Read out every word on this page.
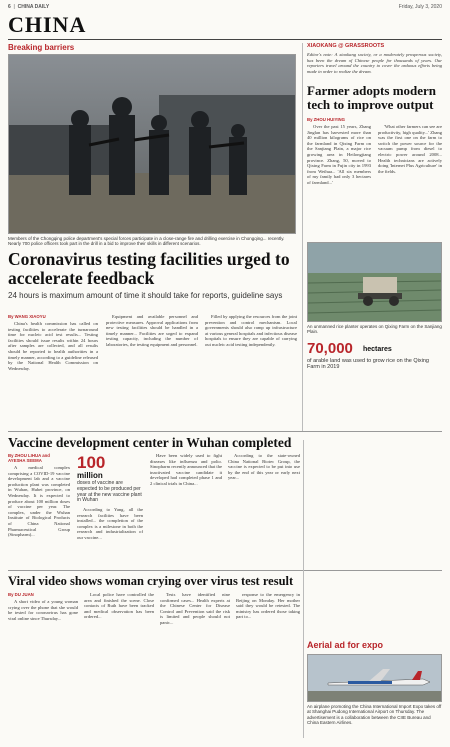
6  |  CHINA DAILY	Friday, July 3, 2020
CHINA
Breaking barriers
Members of the Chongqing police department's special forces participate in a close-range fire and drilling exercise in Chongqing... recently. Nearly 700 police officers took part in the drill in a bid to improve their skills in different scenarios.
Coronavirus testing facilities urged to accelerate feedback
24 hours is maximum amount of time it should take for reports, guideline says
By WANG XIAOYU

China's health commission has called on testing facilities to accelerate the turnaround time for nucleic acid test results... Testing facilities should issue results within 24 hours after samples are collected, and all results should be reported to health authorities in a timely manner, according to a guideline released by the National Health Commission on Wednesday.

Equipment and available personnel and protective measures. Approval applications from new testing facilities should be handled in a timely manner... Facilities are urged to expand testing capacity, including the number of laboratories, the testing equipment and personnel.

Filled by applying the resources from the joint prevention and control mechanism. Local governments should also ramp up infrastructure at various general hospitals and infectious disease hospitals to ensure they are capable of carrying out nucleic acid testing independently.

XIAOKANG @ GRASSROOTS
Editor's note: A xiaokang society, or a moderately prosperous society, has been the dream of Chinese people for thousands of years. Our reporters travel around the country to cover the arduous efforts being made in order to realize the dream.
Farmer adopts modern tech to improve output
By ZHOU HUIYING

Over the past 15 years, Zhang Jinglan has harvested more than 40 million kilograms of rice on the farmland in Qixing Farm on the Sanjiang Plain, a major rice growing area in Heilongjiang province. Zhang, 50, moved to Qixing Farm in Fujin city in 1993 from Weihua... 'All six members of my family had only 3 hectares of farmland...'

'What other farmers can see are productivity, high quality...' Zhang was the first one on the farm to switch the power source for the vacuum pump from diesel to electric power around 2008... Health technicians are actively doing 'Internet Plus Agriculture' in the fields.

An unmanned rice planter operates on Qixing Farm on the Sanjiang Plain.
70,000 hectares
of arable land was used to grow rice on the Qixing Farm in 2019
Vaccine development center in Wuhan completed
By ZHOU LIHUA and AYESHA SEEMA

A medical complex comprising a COVID-19 vaccine development lab and a vaccine production plant was completed in Wuhan, Hubei province, on Wednesday. It is expected to produce about 100 million doses of vaccine per year. The complex, under the Wuhan Institute of Biological Products of China National Pharmaceutical Group (Sinopharm)...

100
million
doses of vaccine are expected to be produced per year at the new vaccine plant in Wuhan

According to Yang, all the research facilities have been installed... the completion of the complex is a milestone in both the research and industrialization of our vaccine...

Have been widely used to fight diseases like influenza and polio. Sinopharm recently announced that the inactivated vaccine candidate it developed had completed phase 1 and 2 clinical trials in China...

According to the state-owned China National Biotec Group, the vaccine is expected to be put into use by the end of this year or early next year...

Viral video shows woman crying over virus test result
By DU JUAN

A short video of a young woman crying over the phone that she would be tested for coronavirus has gone viral online since Thursday...

Local police have controlled the area and finished the scene. Close contacts of Ruth have been tracked and medical observation has been ordered...

Tests have identified nine confirmed cases... Health experts at the Chinese Center for Disease Control and Prevention said the risk is limited and people should not panic...

response to the emergency in Beijing on Monday. Her mother said they would be retested. The ministry has ordered those taking part to...

Aerial ad for expo
An airplane promoting the China International Import Expo takes off at Shanghai Pudong International Airport on Thursday. The advertisement is a collaboration between the CIIE Bureau and China Eastern Airlines.
